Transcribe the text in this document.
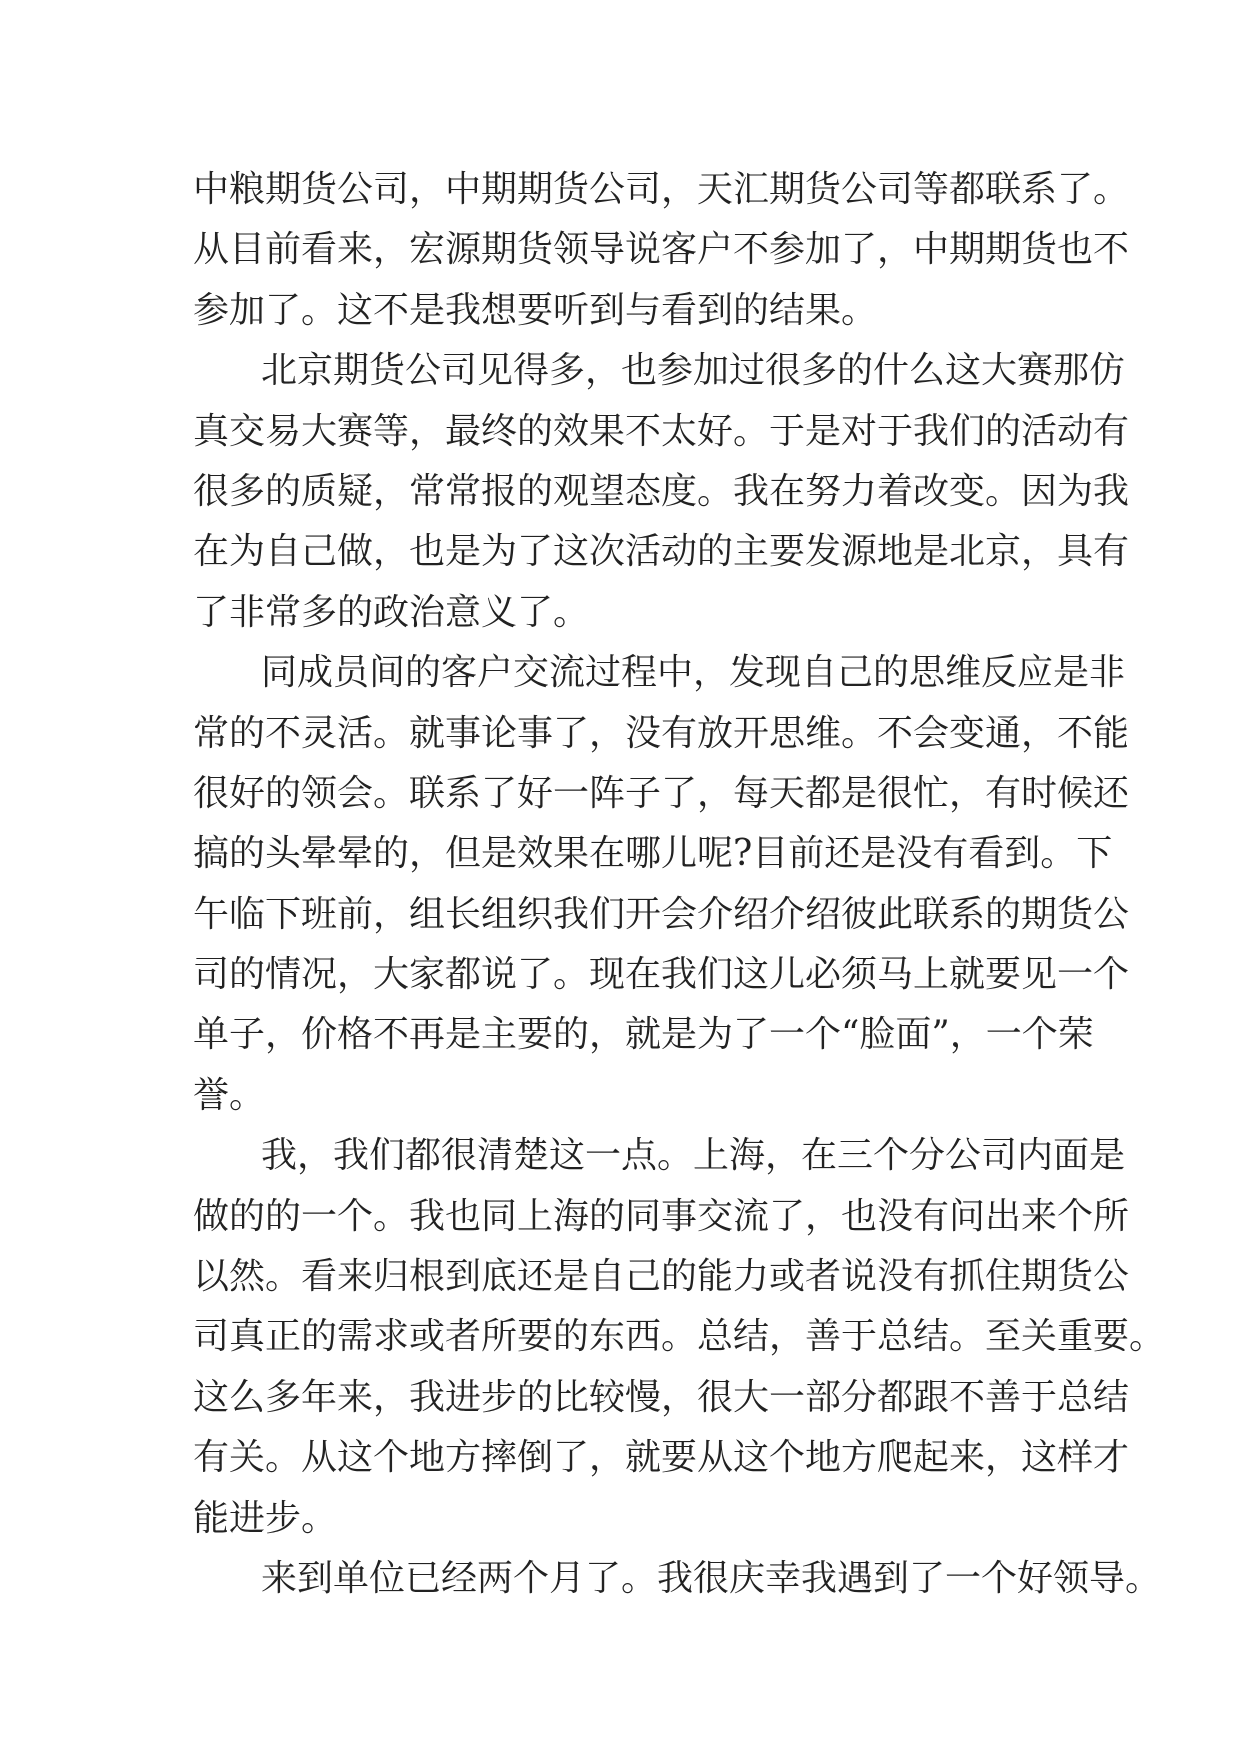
中粮期货公司，中期期货公司，天汇期货公司等都联系了。
从目前看来，宏源期货领导说客户不参加了，中期期货也不
参加了。这不是我想要听到与看到的结果。
北京期货公司见得多，也参加过很多的什么这大赛那仿
真交易大赛等，最终的效果不太好。于是对于我们的活动有
很多的质疑，常常报的观望态度。我在努力着改变。因为我
在为自己做，也是为了这次活动的主要发源地是北京，具有
了非常多的政治意义了。
同成员间的客户交流过程中，发现自己的思维反应是非
常的不灵活。就事论事了，没有放开思维。不会变通，不能
很好的领会。联系了好一阵子了，每天都是很忙，有时候还
搞的头晕晕的，但是效果在哪儿呢?目前还是没有看到。下
午临下班前，组长组织我们开会介绍介绍彼此联系的期货公
司的情况，大家都说了。现在我们这儿必须马上就要见一个
单子，价格不再是主要的，就是为了一个“脸面”，一个荣
誉。
我，我们都很清楚这一点。上海，在三个分公司内面是
做的的一个。我也同上海的同事交流了，也没有问出来个所
以然。看来归根到底还是自己的能力或者说没有抓住期货公
司真正的需求或者所要的东西。总结，善于总结。至关重要。
这么多年来，我进步的比较慢，很大一部分都跟不善于总结
有关。从这个地方摔倒了，就要从这个地方爬起来，这样才
能进步。
来到单位已经两个月了。我很庆幸我遇到了一个好领导。
